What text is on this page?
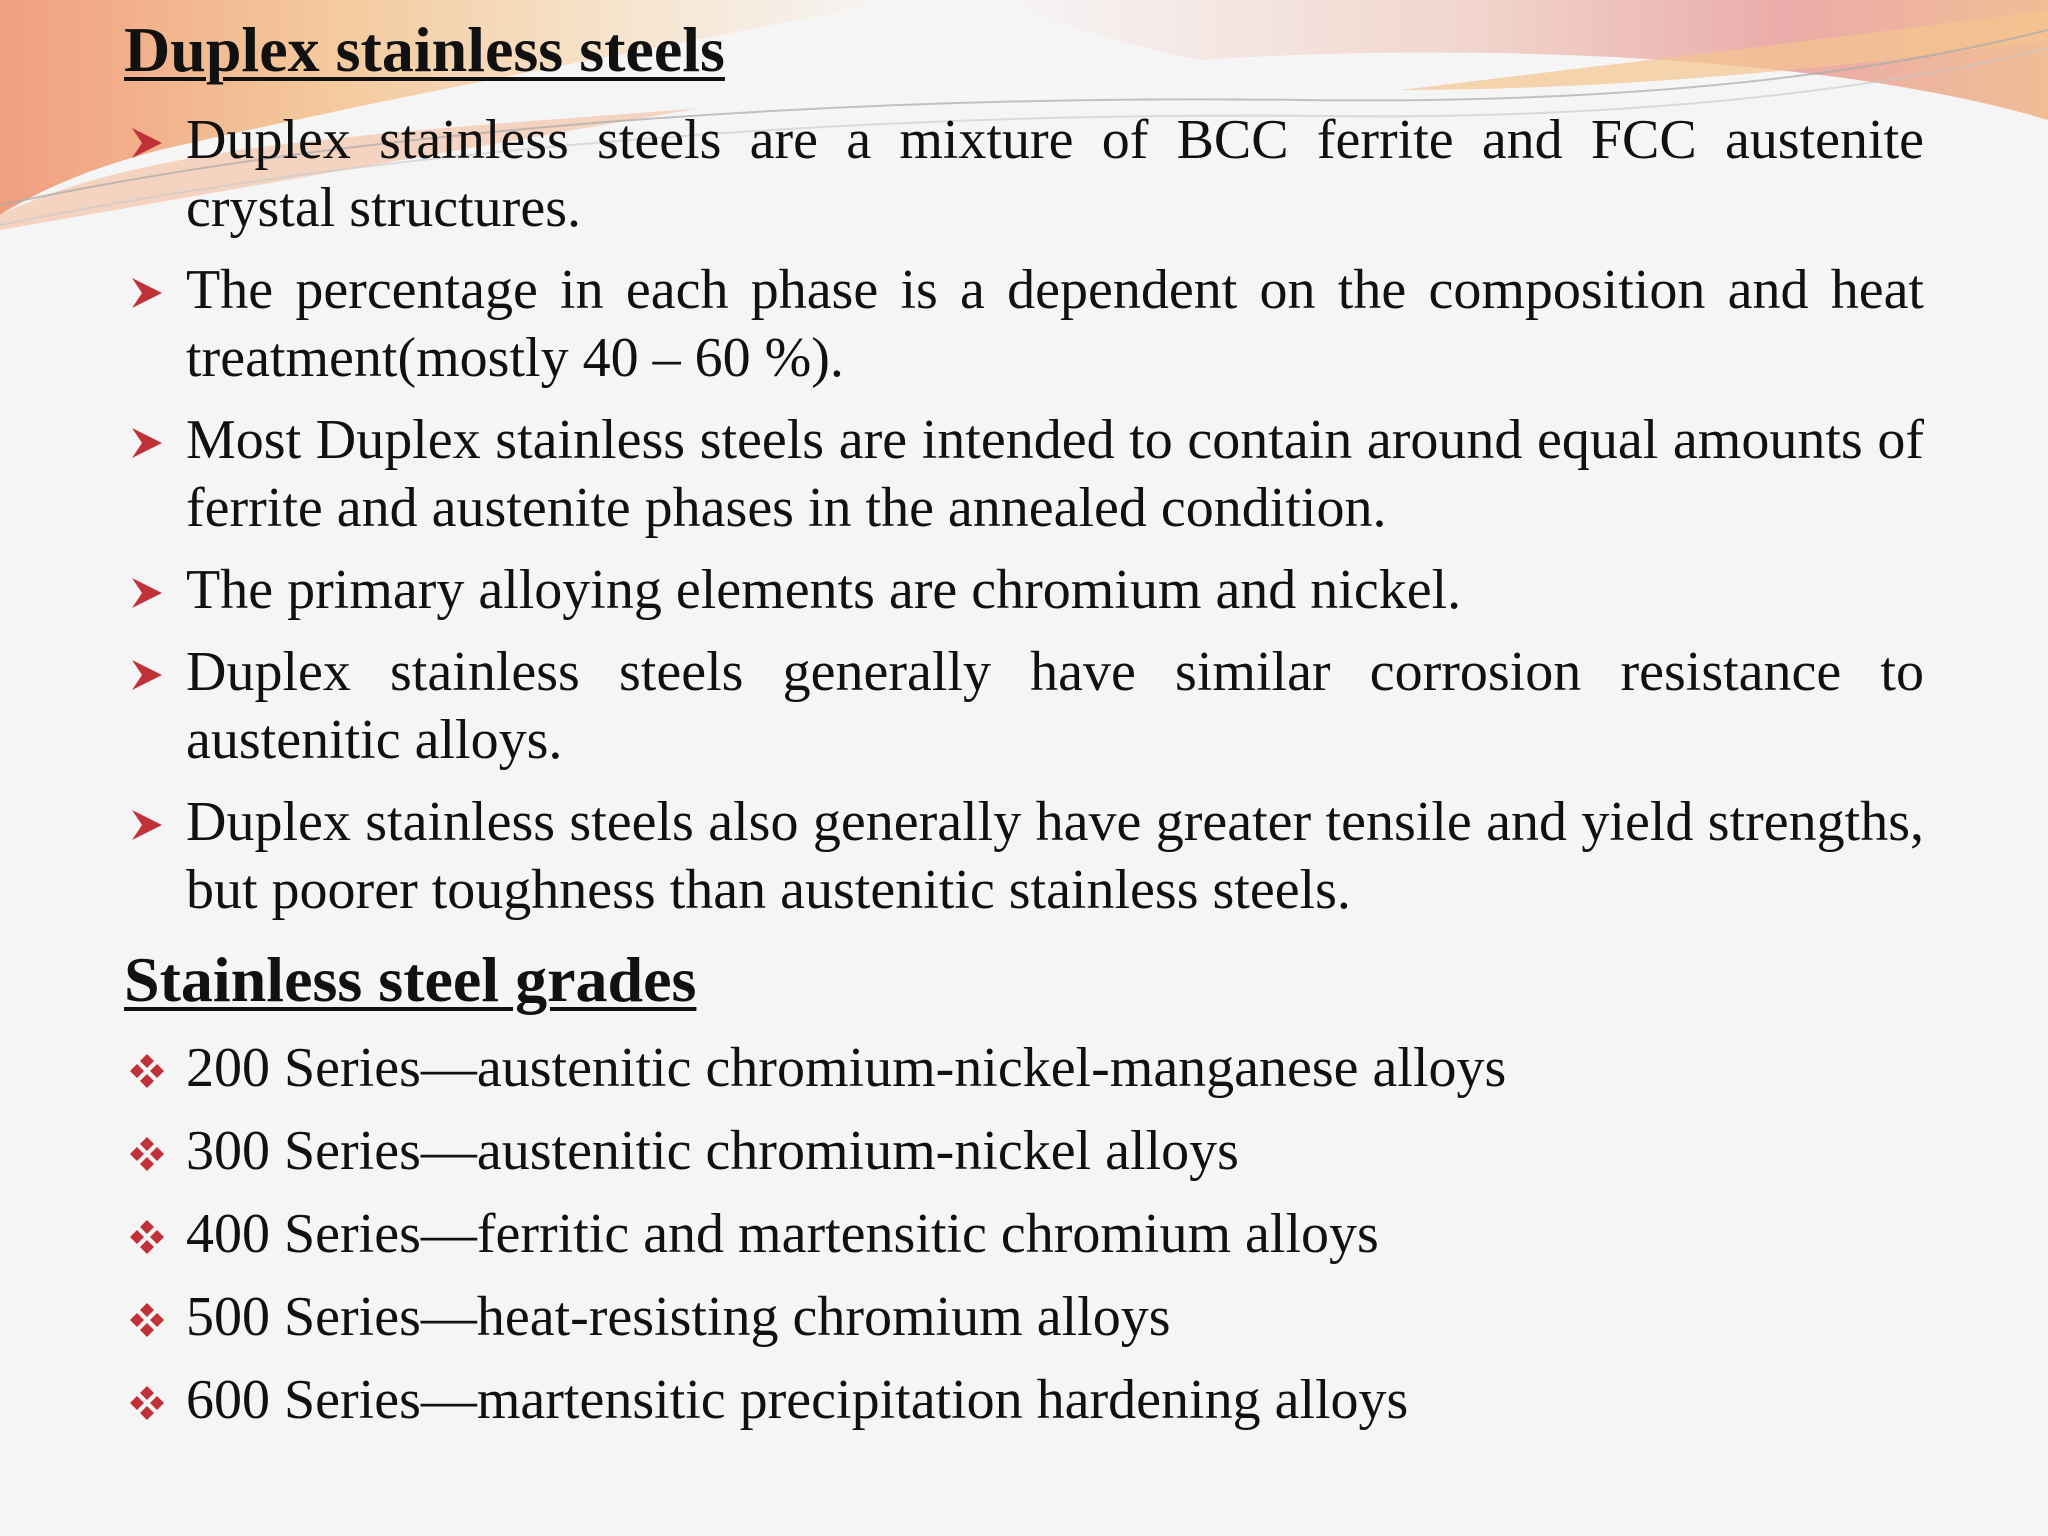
Duplex stainless steels
Duplex stainless steels are a mixture of BCC ferrite and FCC austenite crystal structures.
The percentage in each phase is a dependent on the composition and heat treatment(mostly 40 – 60 %).
Most Duplex stainless steels are intended to contain around equal amounts of ferrite and austenite phases in the annealed condition.
The primary alloying elements are chromium and nickel.
Duplex stainless steels generally have similar corrosion resistance to austenitic alloys.
Duplex stainless steels also generally have greater tensile and yield strengths, but poorer toughness than austenitic stainless steels.
Stainless steel grades
200 Series—austenitic chromium-nickel-manganese alloys
300 Series—austenitic chromium-nickel alloys
400 Series—ferritic and martensitic chromium alloys
500 Series—heat-resisting chromium alloys
600 Series—martensitic precipitation hardening alloys
